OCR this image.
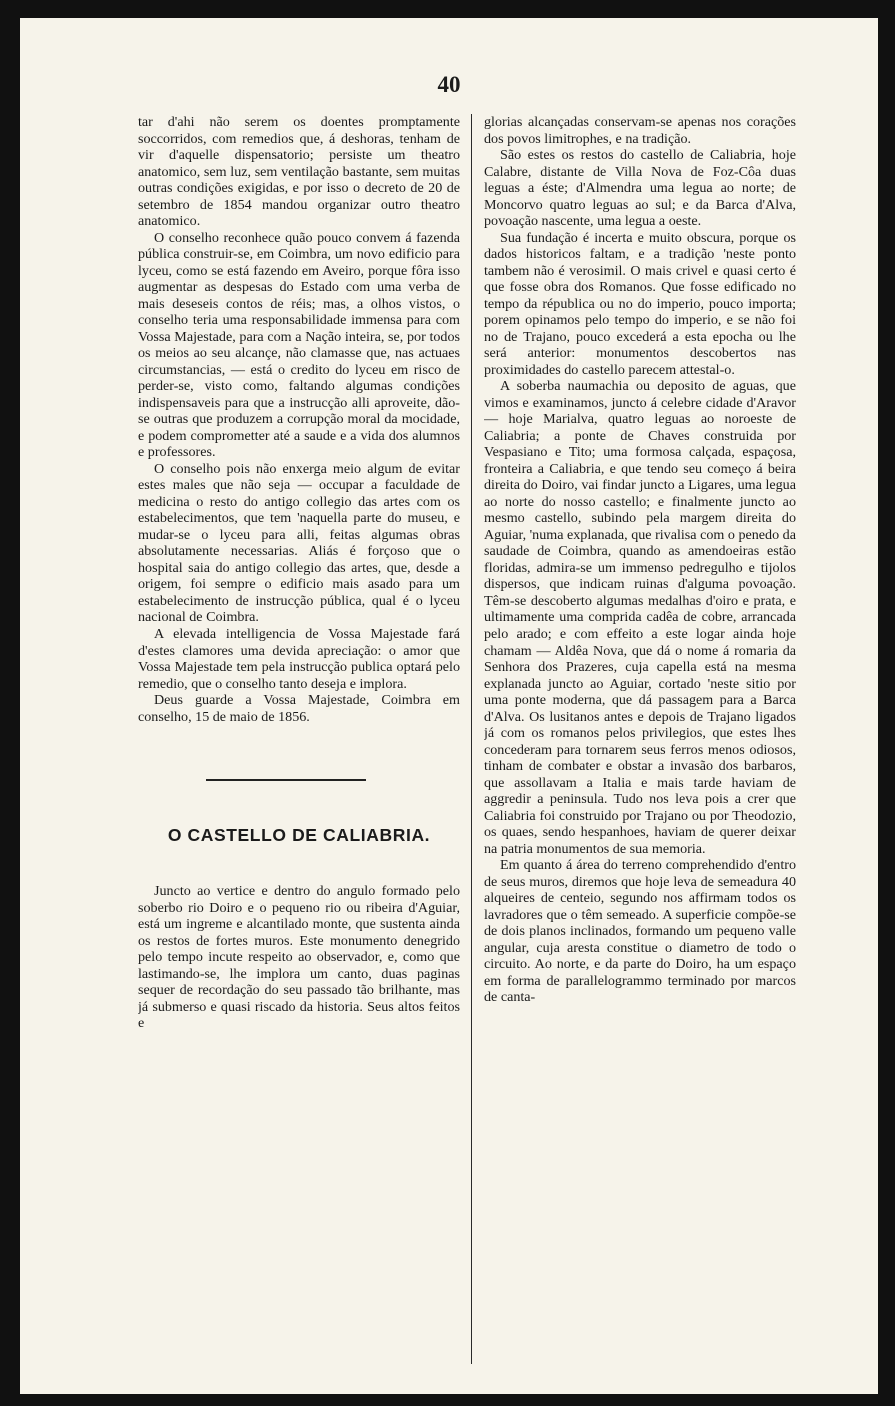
40

tar d'ahi não serem os doentes promptamente soccorridos, com remedios que, á deshoras, tenham de vir d'aquelle dispensatorio; persiste um theatro anatomico, sem luz, sem ventilação bastante, sem muitas outras condições exigidas, e por isso o decreto de 20 de setembro de 1854 mandou organizar outro theatro anatomico.

O conselho reconhece quão pouco convem á fazenda pública construir-se, em Coimbra, um novo edificio para lyceu, como se está fazendo em Aveiro, porque fôra isso augmentar as despesas do Estado com uma verba de mais deseseis contos de réis; mas, a olhos vistos, o conselho teria uma responsabilidade immensa para com Vossa Majestade, para com a Nação inteira, se, por todos os meios ao seu alcançe, não clamasse que, nas actuaes circumstancias, — está o credito do lyceu em risco de perder-se, visto como, faltando algumas condições indispensaveis para que a instrucção alli aproveite, dão-se outras que produzem a corrupção moral da mocidade, e podem comprometter até a saude e a vida dos alumnos e professores.

O conselho pois não enxerga meio algum de evitar estes males que não seja — occupar a faculdade de medicina o resto do antigo collegio das artes com os estabelecimentos, que tem 'naquella parte do museu, e mudar-se o lyceu para alli, feitas algumas obras absolutamente necessarias. Aliás é forçoso que o hospital saia do antigo collegio das artes, que, desde a origem, foi sempre o edificio mais asado para um estabelecimento de instrucção pública, qual é o lyceu nacional de Coimbra.

A elevada intelligencia de Vossa Majestade fará d'estes clamores uma devida apreciação: o amor que Vossa Majestade tem pela instrucção publica optará pelo remedio, que o conselho tanto deseja e implora.

Deus guarde a Vossa Majestade, Coimbra em conselho, 15 de maio de 1856.

O CASTELLO DE CALIABRIA.

Juncto ao vertice e dentro do angulo formado pelo soberbo rio Doiro e o pequeno rio ou ribeira d'Aguiar, está um ingreme e alcantilado monte, que sustenta ainda os restos de fortes muros. Este monumento denegrido pelo tempo incute respeito ao observador, e, como que lastimando-se, lhe implora um canto, duas paginas sequer de recordação do seu passado tão brilhante, mas já submerso e quasi riscado da historia. Seus altos feitos e

glorias alcançadas conservam-se apenas nos corações dos povos limitrophes, e na tradição.

São estes os restos do castello de Caliabria, hoje Calabre, distante de Villa Nova de Foz-Côa duas leguas a éste; d'Almendra uma legua ao norte; de Moncorvo quatro leguas ao sul; e da Barca d'Alva, povoação nascente, uma legua a oeste.

Sua fundação é incerta e muito obscura, porque os dados historicos faltam, e a tradição 'neste ponto tambem não é verosimil. O mais crivel e quasi certo é que fosse obra dos Romanos. Que fosse edificado no tempo da républica ou no do imperio, pouco importa; porem opinamos pelo tempo do imperio, e se não foi no de Trajano, pouco excederá a esta epocha ou lhe será anterior: monumentos descobertos nas proximidades do castello parecem attestal-o.

A soberba naumachia ou deposito de aguas, que vimos e examinamos, juncto á celebre cidade d'Aravor — hoje Marialva, quatro leguas ao noroeste de Caliabria; a ponte de Chaves construida por Vespasiano e Tito; uma formosa calçada, espaçosa, fronteira a Caliabria, e que tendo seu começo á beira direita do Doiro, vai findar juncto a Ligares, uma legua ao norte do nosso castello; e finalmente juncto ao mesmo castello, subindo pela margem direita do Aguiar, 'numa explanada, que rivalisa com o penedo da saudade de Coimbra, quando as amendoeiras estão floridas, admira-se um immenso pedregulho e tijolos dispersos, que indicam ruinas d'alguma povoação. Têm-se descoberto algumas medalhas d'oiro e prata, e ultimamente uma comprida cadêa de cobre, arrancada pelo arado; e com effeito a este logar ainda hoje chamam — Aldêa Nova, que dá o nome á romaria da Senhora dos Prazeres, cuja capella está na mesma explanada juncto ao Aguiar, cortado 'neste sitio por uma ponte moderna, que dá passagem para a Barca d'Alva. Os lusitanos antes e depois de Trajano ligados já com os romanos pelos privilegios, que estes lhes concederam para tornarem seus ferros menos odiosos, tinham de combater e obstar a invasão dos barbaros, que assollavam a Italia e mais tarde haviam de aggredir a peninsula. Tudo nos leva pois a crer que Caliabria foi construido por Trajano ou por Theodozio, os quaes, sendo hespanhoes, haviam de querer deixar na patria monumentos de sua memoria.

Em quanto á área do terreno comprehendido d'entro de seus muros, diremos que hoje leva de semeadura 40 alqueires de centeio, segundo nos affirmam todos os lavradores que o têm semeado. A superficie compõe-se de dois planos inclinados, formando um pequeno valle angular, cuja aresta constitue o diametro de todo o circuito. Ao norte, e da parte do Doiro, ha um espaço em forma de parallelogrammo terminado por marcos de canta-
